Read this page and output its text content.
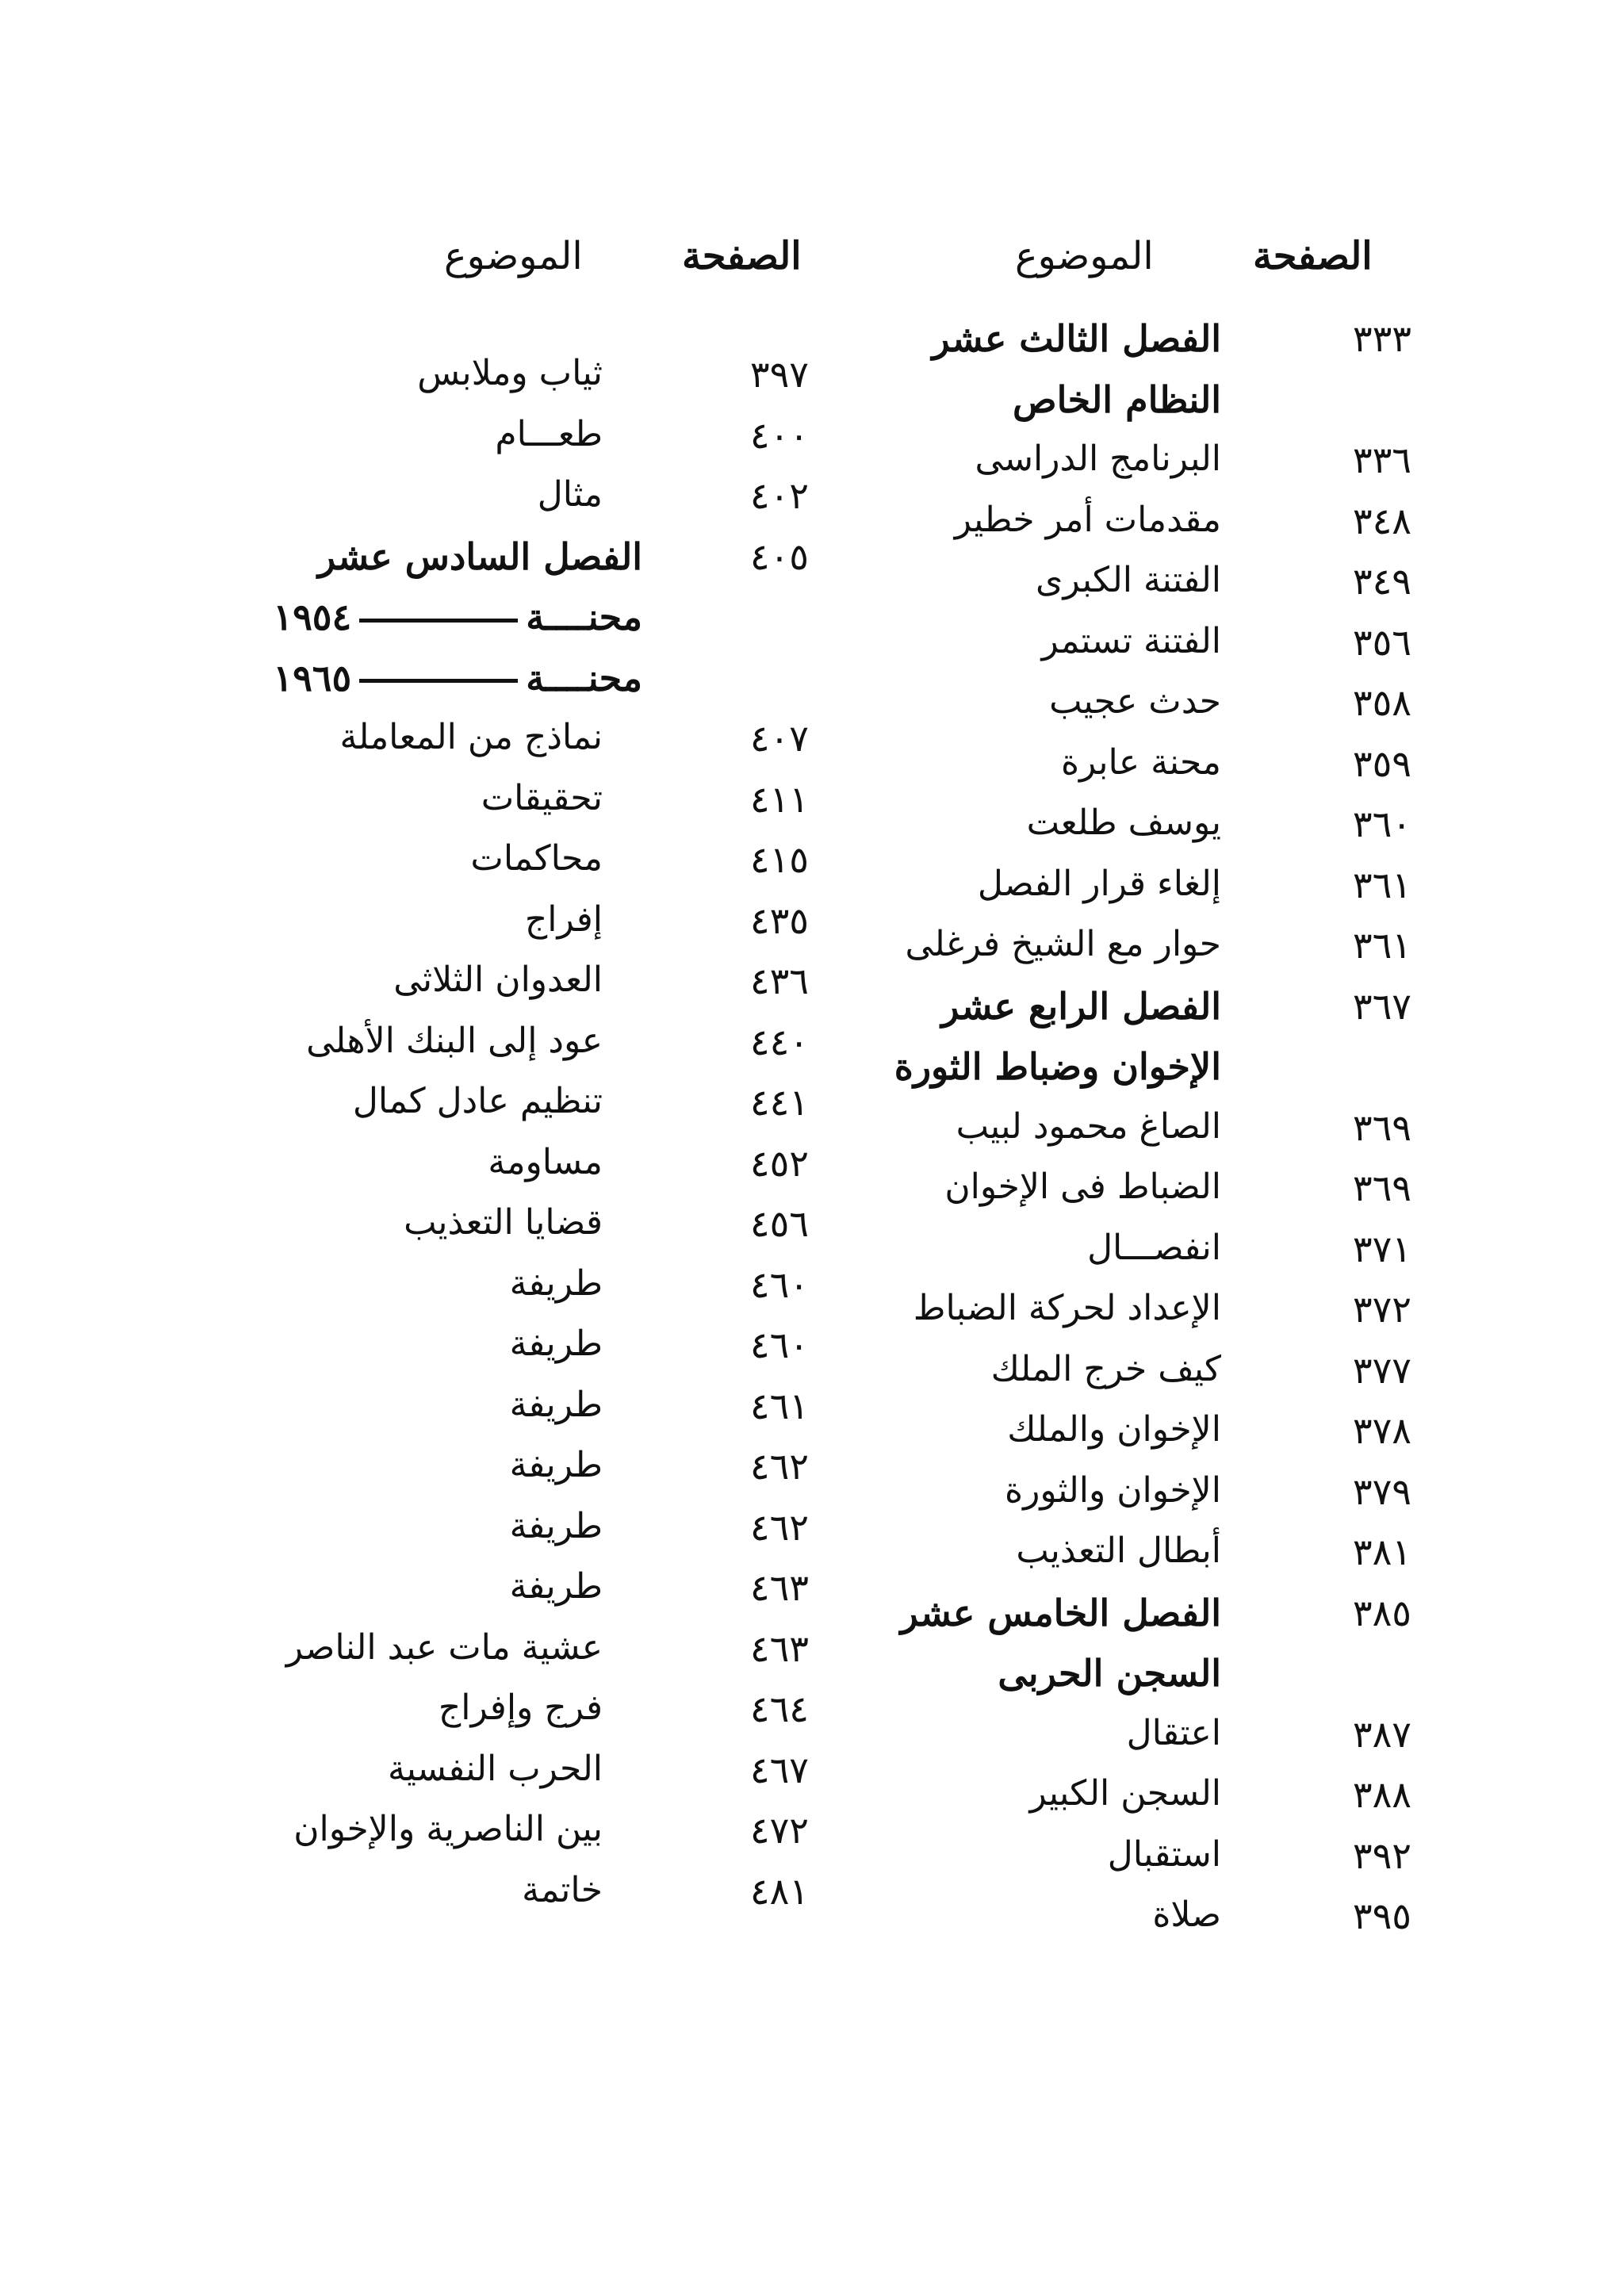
الصفحة
الموضوع
٣٣٣
الفصل الثالث عشر
النظام الخاص
٣٣٦
البرنامج الدراسى
٣٤٨
مقدمات أمر خطير
٣٤٩
الفتنة الكبرى
٣٥٦
الفتنة تستمر
٣٥٨
حدث عجيب
٣٥٩
محنة عابرة
٣٦٠
يوسف طلعت
٣٦١
إلغاء قرار الفصل
٣٦١
حوار مع الشيخ فرغلى
٣٦٧
الفصل الرابع عشر
الإخوان وضباط الثورة
٣٦٩
الصاغ محمود لبيب
٣٦٩
الضباط فى الإخوان
٣٧١
انفصـــال
٣٧٢
الإعداد لحركة الضباط
٣٧٧
كيف خرج الملك
٣٧٨
الإخوان والملك
٣٧٩
الإخوان والثورة
٣٨١
أبطال التعذيب
٣٨٥
الفصل الخامس عشر
السجن الحربى
٣٨٧
اعتقال
٣٨٨
السجن الكبير
٣٩٢
استقبال
٣٩٥
صلاة
الصفحة
الموضوع
٣٩٧
ثياب وملابس
٤٠٠
طعـــام
٤٠٢
مثال
٤٠٥
الفصل السادس عشر
محنــــة١٩٥٤
محنــــة١٩٦٥
٤٠٧
نماذج من المعاملة
٤١١
تحقيقات
٤١٥
محاكمات
٤٣٥
إفراج
٤٣٦
العدوان الثلاثى
٤٤٠
عود إلى البنك الأهلى
٤٤١
تنظيم عادل كمال
٤٥٢
مساومة
٤٥٦
قضايا التعذيب
٤٦٠
طريفة
٤٦٠
طريفة
٤٦١
طريفة
٤٦٢
طريفة
٤٦٢
طريفة
٤٦٣
طريفة
٤٦٣
عشية مات عبد الناصر
٤٦٤
فرج وإفراج
٤٦٧
الحرب النفسية
٤٧٢
بين الناصرية والإخوان
٤٨١
خاتمة
